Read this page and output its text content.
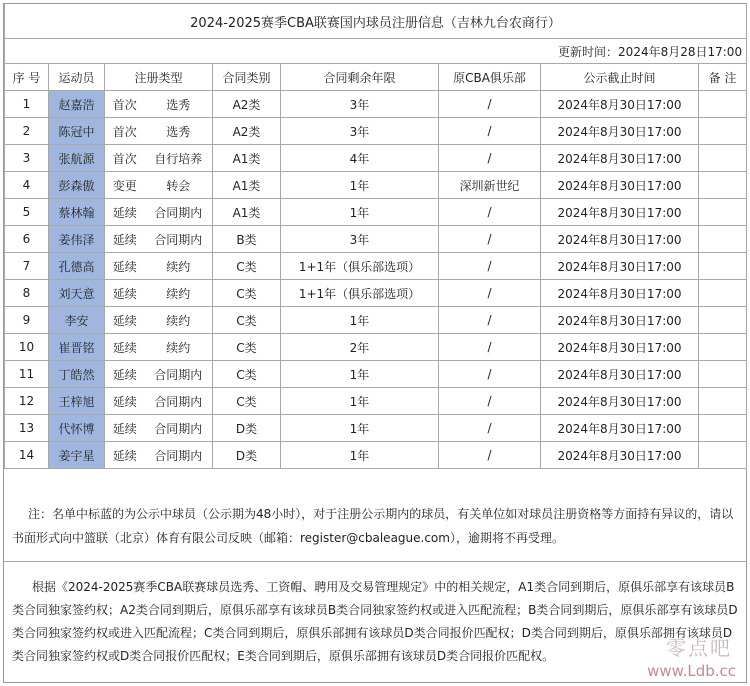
2024-2025赛季CBA联赛国内球员注册信息（吉林九台农商行）								
更新时间：2024年8月28日17:00								
序 号	运动员	注册类型		合同类别	合同剩余年限	原CBA俱乐部	公示截止时间	备 注
1	赵嘉浩	首次	选秀	A2类	3年	/	2024年8月30日17:00	
2	陈冠中	首次	选秀	A2类	3年	/	2024年8月30日17:00	
3	张航源	首次	自行培养	A1类	4年	/	2024年8月30日17:00	
4	彭森傲	变更	转会	A1类	1年	深圳新世纪	2024年8月30日17:00	
5	蔡林翰	延续	合同期内	A1类	1年	/	2024年8月30日17:00	
6	姜伟泽	延续	合同期内	B类	3年	/	2024年8月30日17:00	
7	孔德高	延续	续约	C类	1+1年（俱乐部选项）	/	2024年8月30日17:00	
8	刘天意	延续	续约	C类	1+1年（俱乐部选项）	/	2024年8月30日17:00	
9	李安	延续	续约	C类	1年	/	2024年8月30日17:00	
10	崔晋铭	延续	续约	C类	2年	/	2024年8月30日17:00	
11	丁皓然	延续	合同期内	C类	1年	/	2024年8月30日17:00	
12	王梓旭	延续	合同期内	C类	1年	/	2024年8月30日17:00	
13	代怀博	延续	合同期内	D类	1年	/	2024年8月30日17:00	
14	姜宇星	延续	合同期内	D类	1年	/	2024年8月30日17:00	
注：名单中标蓝的为公示中球员（公示期为48小时），对于注册公示期内的球员，有关单位如对球员注册资格等方面持有异议的，请以书面形式向中篮联（北京）体育有限公司反映（邮箱：register@cbaleague.com），逾期将不再受理。
根据《2024-2025赛季CBA联赛球员选秀、工资帽、聘用及交易管理规定》中的相关规定，A1类合同到期后，原俱乐部享有该球员B类合同独家签约权；A2类合同到期后，原俱乐部享有该球员B类合同独家签约权或进入匹配流程；B类合同到期后，原俱乐部享有该球员D类合同独家签约权或进入匹配流程；C类合同到期后，原俱乐部拥有该球员D类合同报价匹配权；D类合同到期后，原俱乐部拥有该球员D类合同独家签约权或D类合同报价匹配权；E类合同到期后，原俱乐部拥有该球员D类合同报价匹配权。	零点吧
www.Ldb.cc
